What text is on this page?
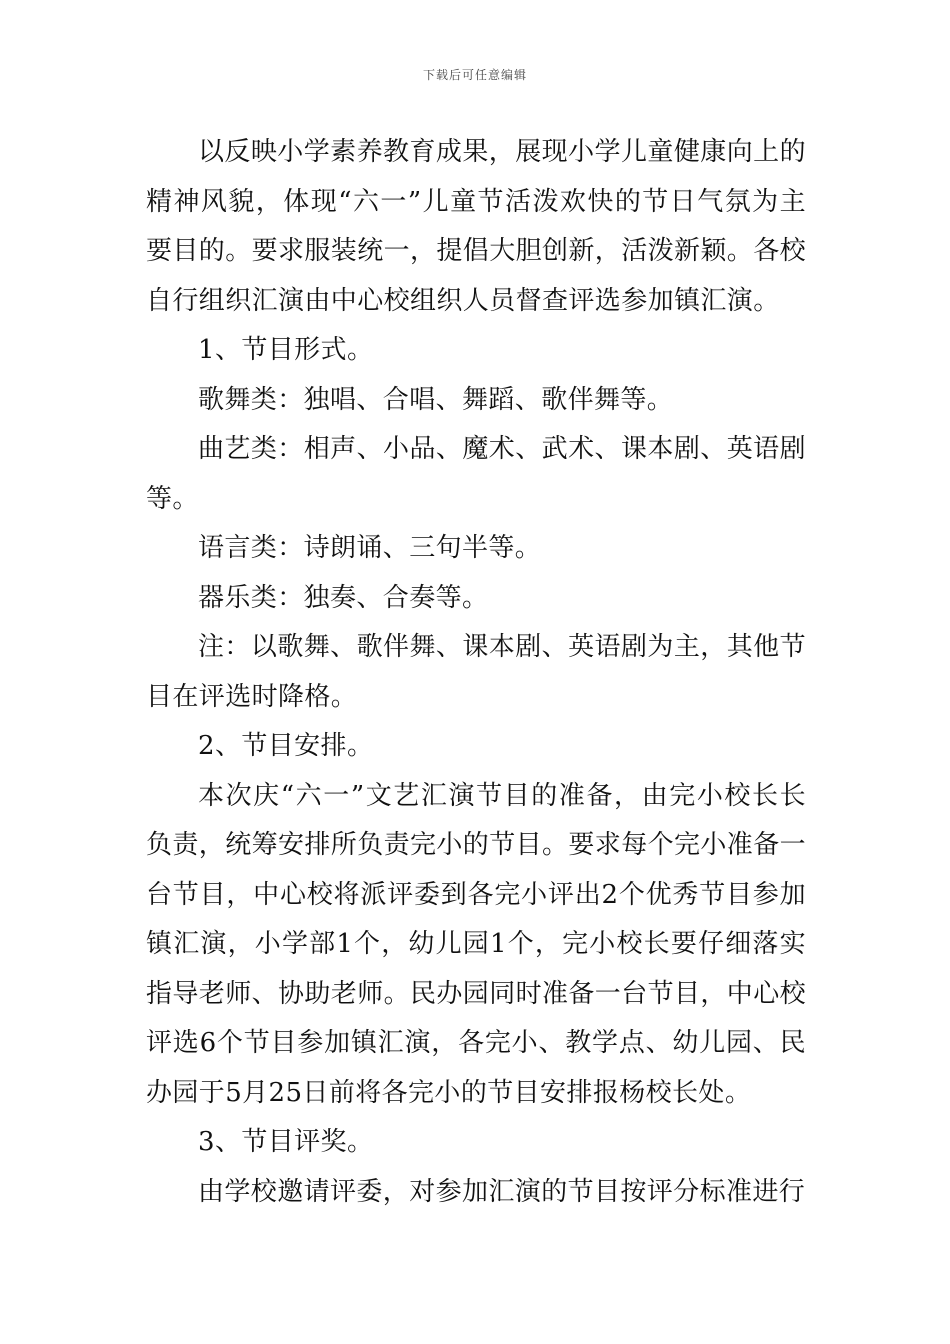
下载后可任意编辑

以反映小学素养教育成果，展现小学儿童健康向上的精神风貌，体现“六一”儿童节活泼欢快的节日气氛为主要目的。要求服装统一，提倡大胆创新，活泼新颖。各校自行组织汇演由中心校组织人员督查评选参加镇汇演。

1、节目形式。

歌舞类：独唱、合唱、舞蹈、歌伴舞等。

曲艺类：相声、小品、魔术、武术、课本剧、英语剧等。

语言类：诗朗诵、三句半等。

器乐类：独奏、合奏等。

注：以歌舞、歌伴舞、课本剧、英语剧为主，其他节目在评选时降格。

2、节目安排。

本次庆“六一”文艺汇演节目的准备，由完小校长长负责，统筹安排所负责完小的节目。要求每个完小准备一台节目，中心校将派评委到各完小评出2个优秀节目参加镇汇演，小学部1个，幼儿园1个，完小校长要仔细落实指导老师、协助老师。民办园同时准备一台节目，中心校评选6个节目参加镇汇演，各完小、教学点、幼儿园、民办园于5月25日前将各完小的节目安排报杨校长处。

3、节目评奖。

由学校邀请评委，对参加汇演的节目按评分标准进行
